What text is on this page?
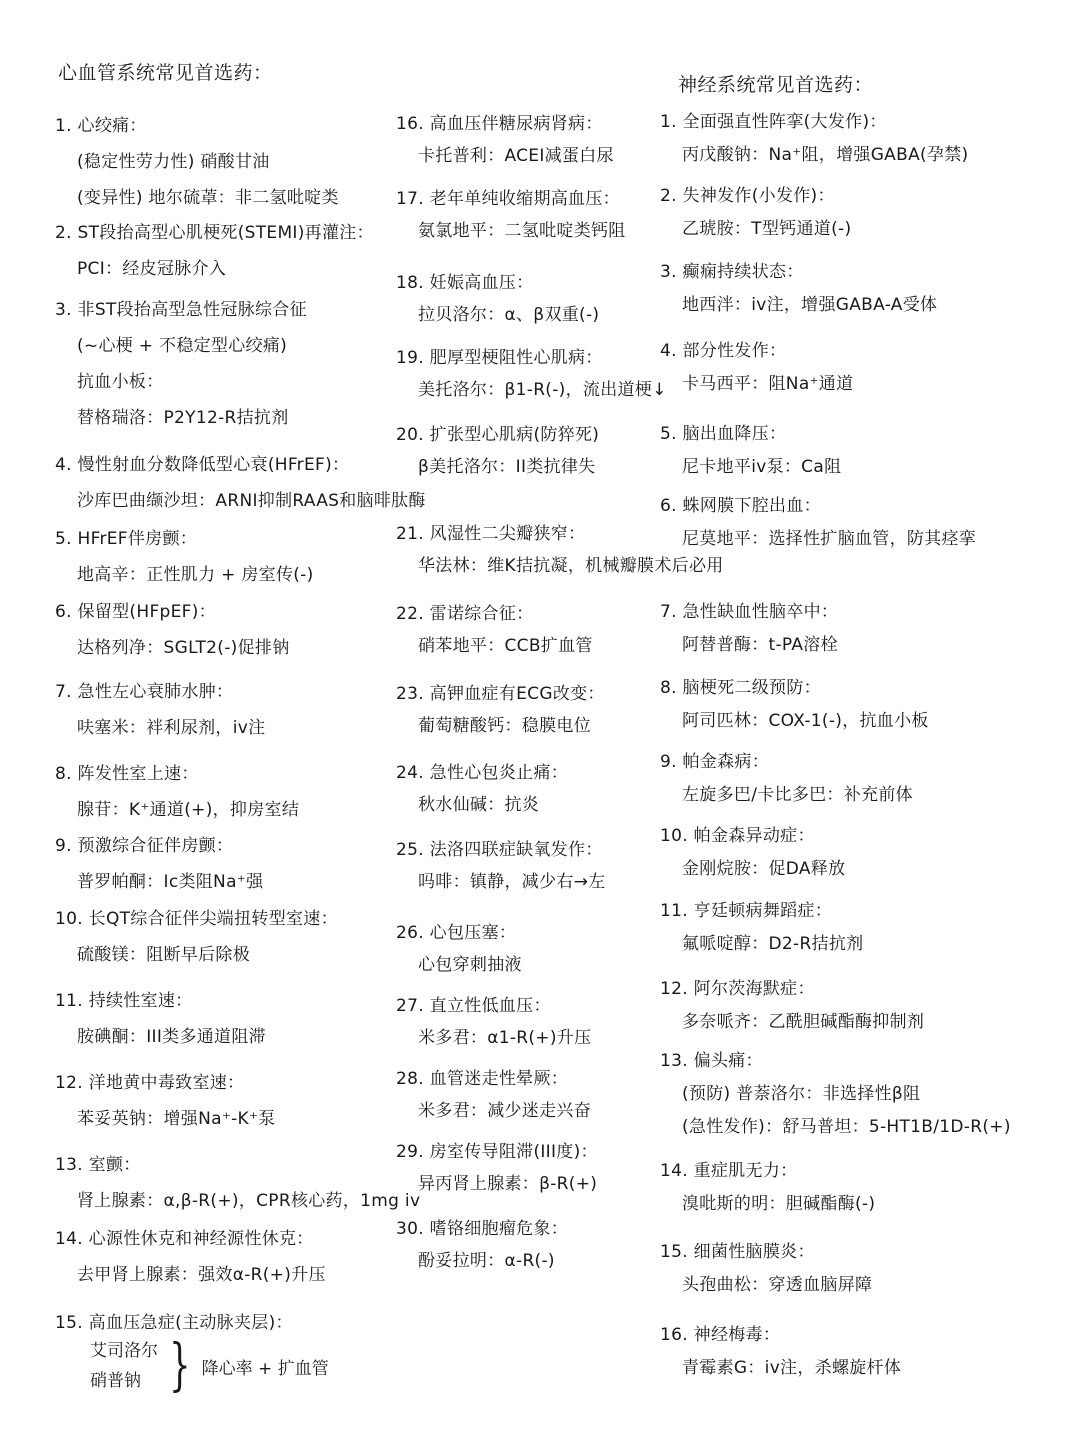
心血管系统常见首选药：
神经系统常见首选药：
1. 心绞痛：
(稳定性劳力性) 硝酸甘油
(变异性) 地尔硫䓬：非二氢吡啶类
2. ST段抬高型心肌梗死(STEMI)再灌注：
PCI：经皮冠脉介入
3. 非ST段抬高型急性冠脉综合征
(~心梗 + 不稳定型心绞痛)
抗血小板：
替格瑞洛：P2Y12-R拮抗剂
4. 慢性射血分数降低型心衰(HFrEF)：
沙库巴曲缬沙坦：ARNI抑制RAAS和脑啡肽酶
5. HFrEF伴房颤：
地高辛：正性肌力 + 房室传(-)
6. 保留型(HFpEF)：
达格列净：SGLT2(-)促排钠
7. 急性左心衰肺水肿：
呋塞米：袢利尿剂，iv注
8. 阵发性室上速：
腺苷：K⁺通道(+)，抑房室结
9. 预激综合征伴房颤：
普罗帕酮：Ic类阻Na⁺强
10. 长QT综合征伴尖端扭转型室速：
硫酸镁：阻断早后除极
11. 持续性室速：
胺碘酮：III类多通道阻滞
12. 洋地黄中毒致室速：
苯妥英钠：增强Na⁺-K⁺泵
13. 室颤：
肾上腺素：α,β-R(+)，CPR核心药，1mg iv
14. 心源性休克和神经源性休克：
去甲肾上腺素：强效α-R(+)升压
15. 高血压急症(主动脉夹层)：
16. 高血压伴糖尿病肾病：
卡托普利：ACEI减蛋白尿
17. 老年单纯收缩期高血压：
氨氯地平：二氢吡啶类钙阻
18. 妊娠高血压：
拉贝洛尔：α、β双重(-)
19. 肥厚型梗阻性心肌病：
美托洛尔：β1-R(-)，流出道梗↓
20. 扩张型心肌病(防猝死)
β美托洛尔：II类抗律失
21. 风湿性二尖瓣狭窄：
华法林：维K拮抗凝，机械瓣膜术后必用
22. 雷诺综合征：
硝苯地平：CCB扩血管
23. 高钾血症有ECG改变：
葡萄糖酸钙：稳膜电位
24. 急性心包炎止痛：
秋水仙碱：抗炎
25. 法洛四联症缺氧发作：
吗啡：镇静，减少右→左
26. 心包压塞：
心包穿刺抽液
27. 直立性低血压：
米多君：α1-R(+)升压
28. 血管迷走性晕厥：
米多君：减少迷走兴奋
29. 房室传导阻滞(III度)：
异丙肾上腺素：β-R(+)
30. 嗜铬细胞瘤危象：
酚妥拉明：α-R(-)
1. 全面强直性阵挛(大发作)：
丙戊酸钠：Na⁺阻，增强GABA(孕禁)
2. 失神发作(小发作)：
乙琥胺：T型钙通道(-)
3. 癫痫持续状态：
地西泮：iv注，增强GABA-A受体
4. 部分性发作：
卡马西平：阻Na⁺通道
5. 脑出血降压：
尼卡地平iv泵：Ca阻
6. 蛛网膜下腔出血：
尼莫地平：选择性扩脑血管，防其痉挛
7. 急性缺血性脑卒中：
阿替普酶：t-PA溶栓
8. 脑梗死二级预防：
阿司匹林：COX-1(-)，抗血小板
9. 帕金森病：
左旋多巴/卡比多巴：补充前体
10. 帕金森异动症：
金刚烷胺：促DA释放
11. 亨廷顿病舞蹈症：
氟哌啶醇：D2-R拮抗剂
12. 阿尔茨海默症：
多奈哌齐：乙酰胆碱酯酶抑制剂
13. 偏头痛：
(预防) 普萘洛尔：非选择性β阻
(急性发作)：舒马普坦：5-HT1B/1D-R(+)
14. 重症肌无力：
溴吡斯的明：胆碱酯酶(-)
15. 细菌性脑膜炎：
头孢曲松：穿透血脑屏障
16. 神经梅毒：
青霉素G：iv注，杀螺旋杆体
艾司洛尔
硝普钠 } 降心率 + 扩血管
